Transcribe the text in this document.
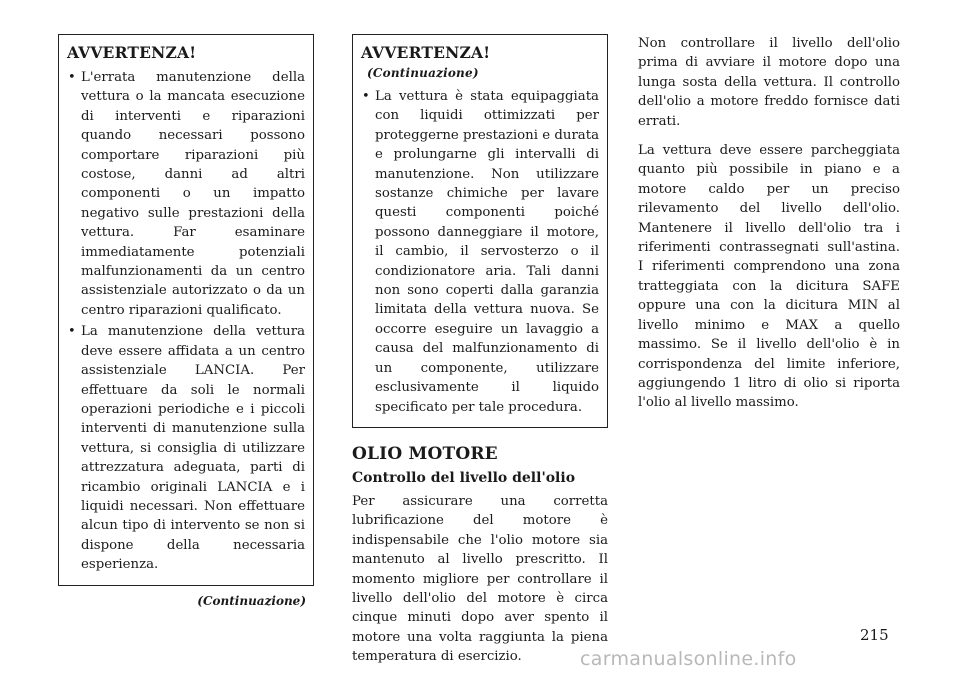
AVVERTENZA!
• L'errata manutenzione della vettura o la mancata esecuzione di interventi e riparazioni quando necessari possono comportare riparazioni più costose, danni ad altri componenti o un impatto negativo sulle prestazioni della vettura. Far esaminare immediatamente potenziali malfunzionamenti da un centro assistenziale autorizzato o da un centro riparazioni qualificato.
• La manutenzione della vettura deve essere affidata a un centro assistenziale LANCIA. Per effettuare da soli le normali operazioni periodiche e i piccoli interventi di manutenzione sulla vettura, si consiglia di utilizzare attrezzatura adeguata, parti di ricambio originali LANCIA e i liquidi necessari. Non effettuare alcun tipo di intervento se non si dispone della necessaria esperienza.
(Continuazione)
AVVERTENZA!(Continuazione)
• La vettura è stata equipaggiata con liquidi ottimizzati per proteggerne prestazioni e durata e prolungarne gli intervalli di manutenzione. Non utilizzare sostanze chimiche per lavare questi componenti poiché possono danneggiare il motore, il cambio, il servosterzo o il condizionatore aria. Tali danni non sono coperti dalla garanzia limitata della vettura nuova. Se occorre eseguire un lavaggio a causa del malfunzionamento di un componente, utilizzare esclusivamente il liquido specificato per tale procedura.
OLIO MOTORE
Controllo del livello dell'olio

Per assicurare una corretta lubrificazione del motore è indispensabile che l'olio motore sia mantenuto al livello prescritto. Il momento migliore per controllare il livello dell'olio del motore è circa cinque minuti dopo aver spento il motore una volta raggiunta la piena temperatura di esercizio.

Non controllare il livello dell'olio prima di avviare il motore dopo una lunga sosta della vettura. Il controllo dell'olio a motore freddo fornisce dati errati.

La vettura deve essere parcheggiata quanto più possibile in piano e a motore caldo per un preciso rilevamento del livello dell'olio. Mantenere il livello dell'olio tra i riferimenti contrassegnati sull'astina. I riferimenti comprendono una zona tratteggiata con la dicitura SAFE oppure una con la dicitura MIN al livello minimo e MAX a quello massimo. Se il livello dell'olio è in corrispondenza del limite inferiore, aggiungendo 1 litro di olio si riporta l'olio al livello massimo.

215
carmanualsonline.info
